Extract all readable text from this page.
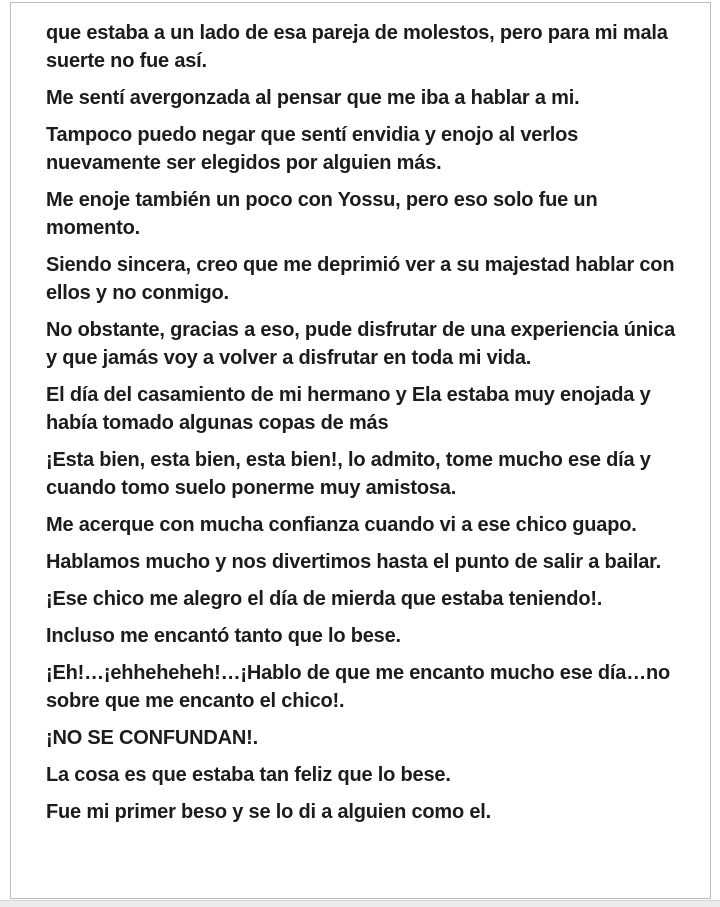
que estaba a un lado de esa pareja de molestos, pero para mi mala suerte no fue así.

Me sentí avergonzada al pensar que me iba a hablar a mi.

Tampoco puedo negar que sentí envidia y enojo al verlos nuevamente ser elegidos por alguien más.

Me enoje también un poco con Yossu, pero eso solo fue un momento.

Siendo sincera, creo que me deprimió ver a su majestad hablar con ellos y no conmigo.

No obstante, gracias a eso, pude disfrutar de una experiencia única y que jamás voy a volver a disfrutar en toda mi vida.

El día del casamiento de mi hermano y Ela estaba muy enojada y había tomado algunas copas de más

¡Esta bien, esta bien, esta bien!, lo admito, tome mucho ese día y cuando tomo suelo ponerme muy amistosa.

Me acerque con mucha confianza cuando vi a ese chico guapo.

Hablamos mucho y nos divertimos hasta el punto de salir a bailar.

¡Ese chico me alegro el día de mierda que estaba teniendo!.

Incluso me encantó tanto que lo bese.

¡Eh!…¡ehheheheh!…¡Hablo de que me encanto mucho ese día…no sobre que me encanto el chico!.

¡NO SE CONFUNDAN!.

La cosa es que estaba tan feliz que lo bese.

Fue mi primer beso y se lo di a alguien como el.
